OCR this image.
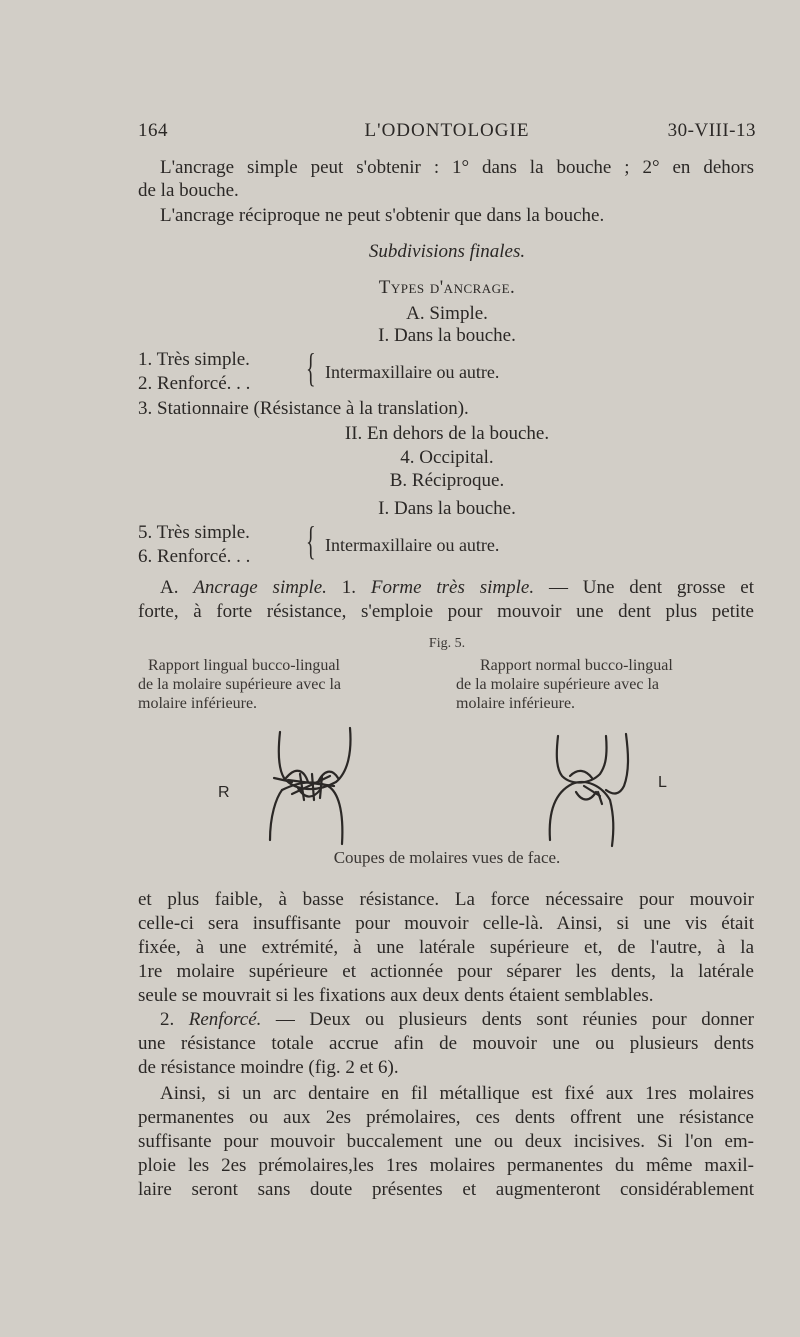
164	L'ODONTOLOGIE	30-VIII-13
L'ancrage simple peut s'obtenir : 1° dans la bouche ; 2° en dehors
de la bouche.
L'ancrage réciproque ne peut s'obtenir que dans la bouche.
Subdivisions finales.
Types d'ancrage.
A. Simple.
I. Dans la bouche.
1. Très simple.
2. Renforcé. . . { Intermaxillaire ou autre.
3. Stationnaire (Résistance à la translation).
II. En dehors de la bouche.
4. Occipital.
B. Réciproque.
I. Dans la bouche.
5. Très simple.
6. Renforcé. . . { Intermaxillaire ou autre.
A. Ancrage simple. 1. Forme très simple. — Une dent grosse et
forte, à forte résistance, s'emploie pour mouvoir une dent plus petite
Fig. 5.
Rapport lingual bucco-lingual
de la molaire supérieure avec la
molaire inférieure.
Rapport normal bucco-lingual
de la molaire supérieure avec la
molaire inférieure.
R
L
Coupes de molaires vues de face.
et plus faible, à basse résistance. La force nécessaire pour mouvoir
celle-ci sera insuffisante pour mouvoir celle-là. Ainsi, si une vis était
fixée, à une extrémité, à une latérale supérieure et, de l'autre, à la
1re molaire supérieure et actionnée pour séparer les dents, la latérale
seule se mouvrait si les fixations aux deux dents étaient semblables.
2. Renforcé. — Deux ou plusieurs dents sont réunies pour donner
une résistance totale accrue afin de mouvoir une ou plusieurs dents
de résistance moindre (fig. 2 et 6).
Ainsi, si un arc dentaire en fil métallique est fixé aux 1res molaires
permanentes ou aux 2es prémolaires, ces dents offrent une résistance
suffisante pour mouvoir buccalement une ou deux incisives. Si l'on em-
ploie les 2es prémolaires,les 1res molaires permanentes du même maxil-
laire seront sans doute présentes et augmenteront considérablement
